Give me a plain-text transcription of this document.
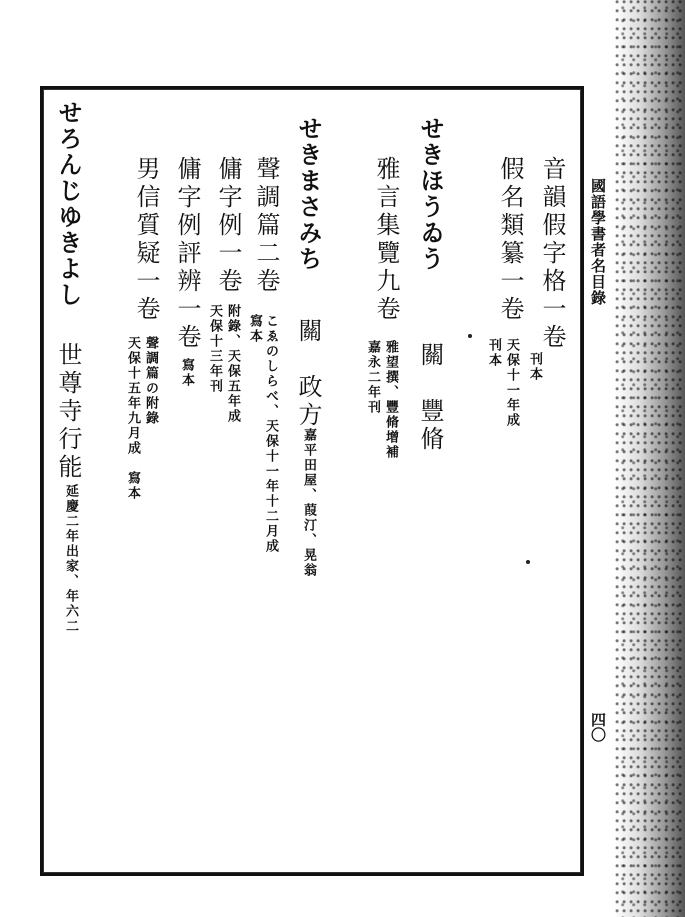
國語學書者名目錄
四〇
音韻假字格一卷
刊本
假名類纂一卷
天保十一年成
刊本
せきほうゐう
關　豐脩
雅言集覽九卷
雅望撰、豐脩增補
嘉永二年刊
せきまさみち
關　政方
嘉平田屋、葭汀、晃翁
聲調篇二卷
こゑのしらべ、天保十一年十二月成
寫本
傭字例一卷
附錄、天保五年成
天保十三年刊
傭字例評辨一卷
寫本
男信質疑一卷
聲調篇の附錄
天保十五年九月成　寫本
せろんじゆきよし
世尊寺行能
延慶二年出家、年六二
